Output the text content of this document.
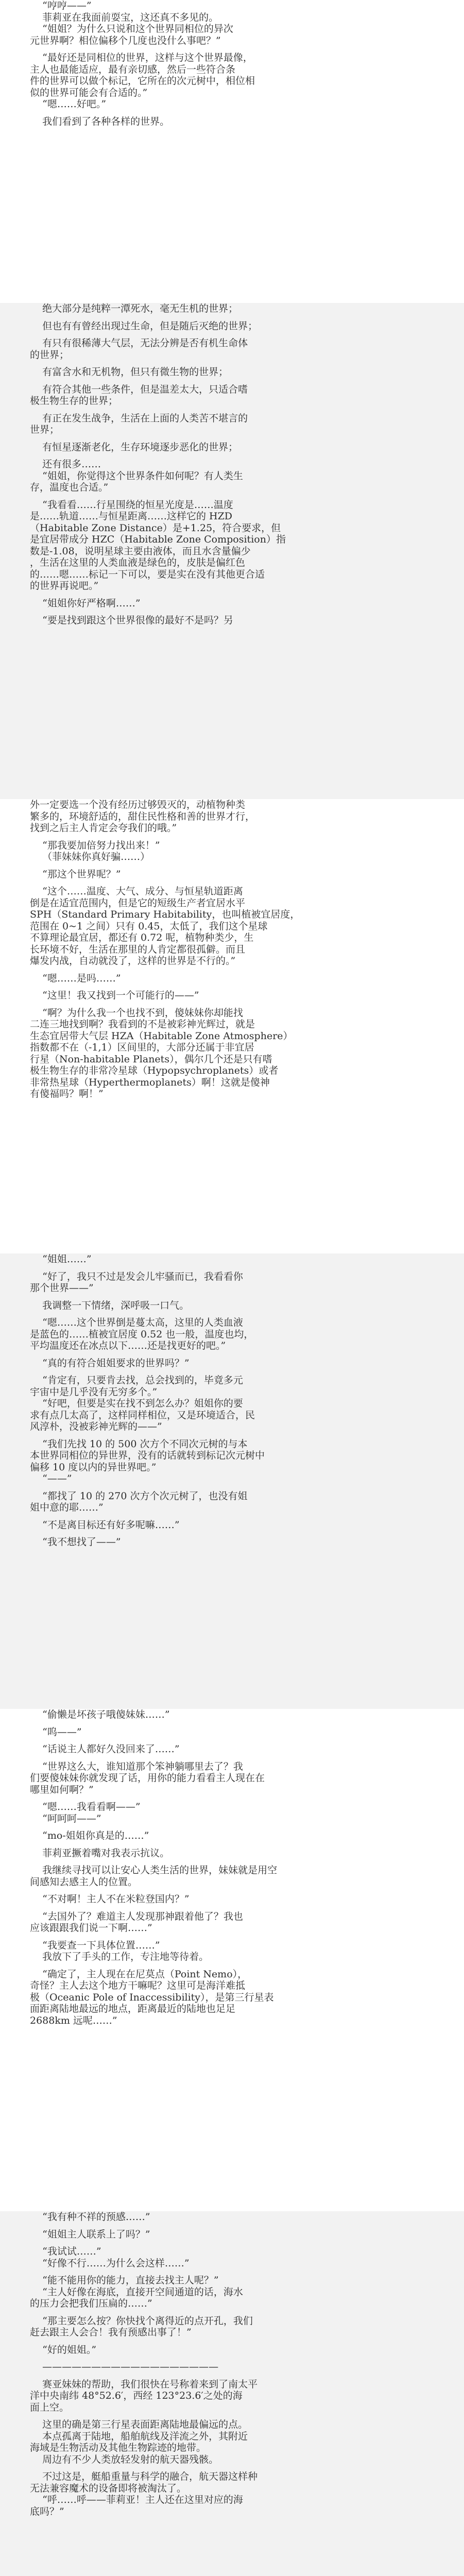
“哼哼——”

菲莉亚在我面前耍宝，这还真不多见的。

“姐姐？为什么只说和这个世界同相位的异次

元世界啊？相位偏移个几度也没什么事吧？”

“最好还是同相位的世界，这样与这个世界最像，

主人也最能适应，最有亲切感，然后一些符合条

件的世界可以做个标记，它所在的次元树中，相位相

似的世界可能会有合适的。”

“嗯……好吧。”

我们看到了各种各样的世界。

绝大部分是纯粹一潭死水，毫无生机的世界；

但也有有曾经出现过生命，但是随后灭绝的世界；

有只有很稀薄大气层，无法分辨是否有机生命体

的世界；

有富含水和无机物，但只有微生物的世界；

有符合其他一些条件，但是温差太大，只适合嗜

极生物生存的世界；

有正在发生战争，生活在上面的人类苦不堪言的

世界；

有恒星逐渐老化，生存环境逐步恶化的世界；

还有很多……

“姐姐，你觉得这个世界条件如何呢？有人类生

存，温度也合适。”

“我看看……行星围绕的恒星光度是……温度

是……轨道……与恒星距离……这样它的 HZD

（Habitable Zone Distance）是+1.25，符合要求，但

是宜居带成分 HZC（Habitable Zone Composition）指

数是-1.08，说明星球主要由液体，而且水含量偏少

，生活在这里的人类血液是绿色的，皮肤是偏红色

的……嗯……标记一下可以，要是实在没有其他更合适

的世界再说吧。”

“姐姐你好严格啊……”

“要是找到跟这个世界很像的最好不是吗？另

外一定要选一个没有经历过够毁灭的，动植物种类

繁多的，环境舒适的，甜住民性格和善的世界才行，

找到之后主人肯定会夸我们的哦。”

“那我要加倍努力找出来！”

（菲妹妹你真好骗……）

“那这个世界呢？”

“这个……温度、大气、成分、与恒星轨道距离

倒是在适宜范围内，但是它的短级生产者宜居水平

SPH（Standard Primary Habitability，也叫植被宜居度，

范围在 0~1 之间）只有 0.45，太低了，我们这个星球

不算理论最宜居，都还有 0.72 呢，植物种类少，生

长环境不好，生活在那里的人肯定都很孤僻。而且

爆发内战，自动就没了，这样的世界是不行的。”

“嗯……是吗……”

“这里！我又找到一个可能行的——”

“啊？为什么我一个也找不到，傻妹妹你却能找

二连三地找到啊？我看到的不是被彩神光辉过，就是

生态宜居带大气层 HZA（Habitable Zone Atmosphere）

指数都不在（-1,1）区间里的，大部分还属于非宜居

行星（Non-habitable Planets），偶尔几个还是只有嗜

极生物生存的非常冷星球（Hypopsychroplanets）或者

非常热星球（Hyperthermoplanets）啊！这就是傻神

有傻福吗？啊！”

“姐姐……”

“好了，我只不过是发会儿牢骚而已，我看看你

那个世界——”

我调整一下情绪，深呼吸一口气。

“嗯……这个世界倒是蔓太高，这里的人类血液

是蓝色的……植被宜居度 0.52 也一般，温度也均，

平均温度还在冰点以下……还是找更好的吧。”

“真的有符合姐姐要求的世界吗？”

“肯定有，只要肯去找，总会找到的，毕竟多元

宇宙中是几乎没有无穷多个。”

“好吧，但要是实在找不到怎么办？姐姐你的要

求有点几太高了，这样同样相位，又是环境适合，民

风淳朴，没被彩神光辉的——”

“我们先找 10 的 500 次方个不同次元树的与本

本世界同相位的异世界，没有的话就转到标记次元树中

偏移 10 度以内的异世界吧。”

“——”

“都找了 10 的 270 次方个次元树了，也没有姐

姐中意的耶……”

“不是离目标还有好多呢嘛……”

“我不想找了——”

“偷懒是坏孩子哦傻妹妹……”

“呜——”

“话说主人都好久没回来了……”

“世界这么大，谁知道那个笨神躺哪里去了？我

们要傻妹妹你就发现了话，用你的能力看看主人现在在

哪里如何啊？”

“嗯……我看看啊——”

“呵呵呵——”

“mo-姐姐你真是的……”

菲莉亚撅着嘴对我表示抗议。

我继续寻找可以让安心人类生活的世界，妹妹就是用空

间感知去感主人的位置。

“不对啊！主人不在米粒登国内？”

“去国外了？难道主人发现那神跟着他了？我也

应该跟跟我们说一下啊……”

“我要查一下具体位置……”

我放下了手头的工作，专注地等待着。

“确定了，主人现在在尼莫点（Point Nemo），

奇怪？主人去这个地方干嘛呢？这里可是海洋难抵

极（Oceanic Pole of Inaccessibility），是第三行星表

面距离陆地最远的地点，距离最近的陆地也足足

2688km 远呢……”

“我有种不祥的预感……”

“姐姐主人联系上了吗？”

“我试试……”

“好像不行……为什么会这样……”

“能不能用你的能力，直接去找主人呢？”

“主人好像在海底，直接开空间通道的话，海水

的压力会把我们压扁的……”

“那主要怎么按？你快找个离得近的点开孔，我们

赶去跟主人会合！我有预感出事了！”

“好的姐姐。”

——————————————————

赛亚妹妹的帮助，我们很快在号称着来到了南太平

洋中央南纬 48°52.6′，西经 123°23.6′之处的海

面上空。

这里的确是第三行星表面距离陆地最偏远的点。

本点孤离于陆地，船舶航线及洋流之外，其附近

海域是生物活动及其他生物踪迹的地带。

周边有不少人类放轻发射的航天器残骸。

不过这是，艇船重量与科学的融合，航天器这样种

无法兼容魔术的设备即将被淘汰了。

“呼……呼——菲莉亚！主人还在这里对应的海

底吗？”
